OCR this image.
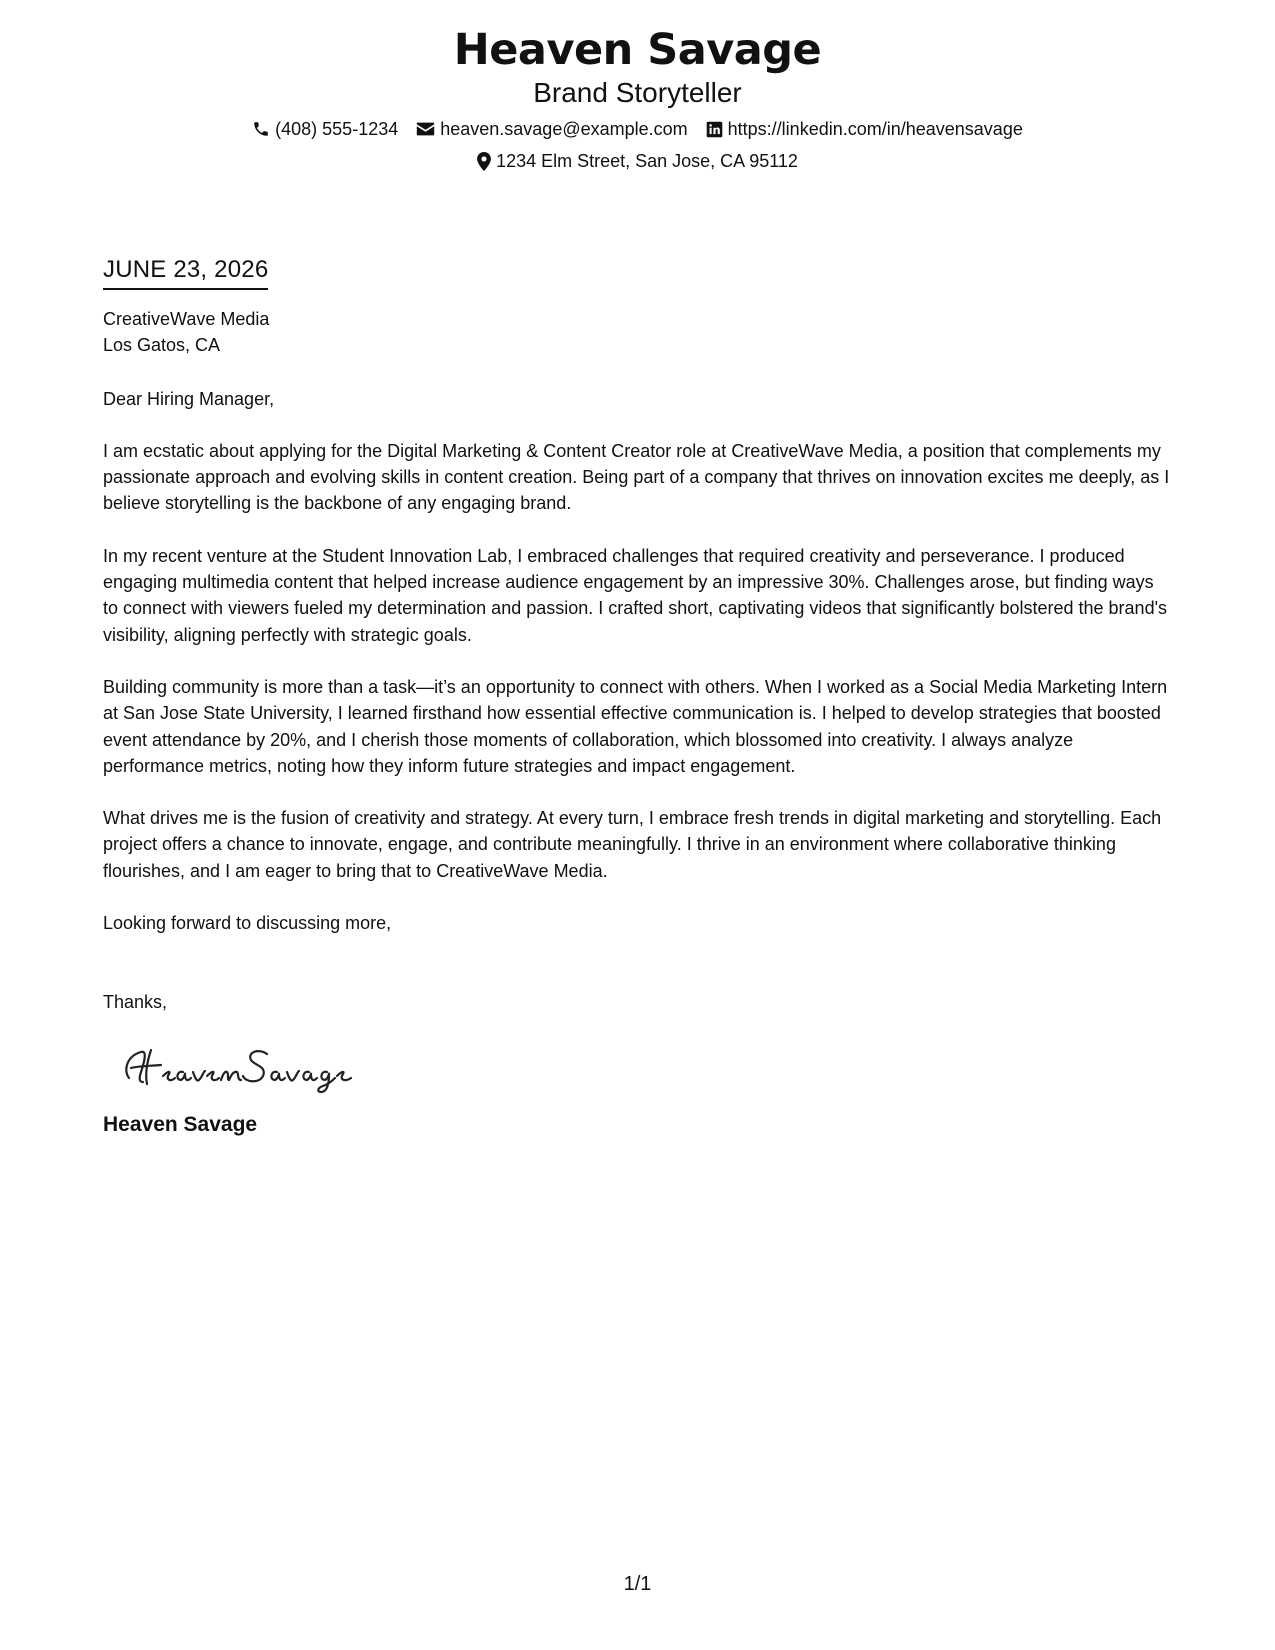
Heaven Savage
Brand Storyteller
(408) 555-1234 heaven.savage@example.com https://linkedin.com/in/heavensavage
1234 Elm Street, San Jose, CA 95112
JUNE 23, 2026
CreativeWave Media
Los Gatos, CA
Dear Hiring Manager,
I am ecstatic about applying for the Digital Marketing & Content Creator role at CreativeWave Media, a position that complements my passionate approach and evolving skills in content creation. Being part of a company that thrives on innovation excites me deeply, as I believe storytelling is the backbone of any engaging brand.
In my recent venture at the Student Innovation Lab, I embraced challenges that required creativity and perseverance. I produced engaging multimedia content that helped increase audience engagement by an impressive 30%. Challenges arose, but finding ways to connect with viewers fueled my determination and passion. I crafted short, captivating videos that significantly bolstered the brand's visibility, aligning perfectly with strategic goals.
Building community is more than a task—it’s an opportunity to connect with others. When I worked as a Social Media Marketing Intern at San Jose State University, I learned firsthand how essential effective communication is. I helped to develop strategies that boosted event attendance by 20%, and I cherish those moments of collaboration, which blossomed into creativity. I always analyze performance metrics, noting how they inform future strategies and impact engagement.
What drives me is the fusion of creativity and strategy. At every turn, I embrace fresh trends in digital marketing and storytelling. Each project offers a chance to innovate, engage, and contribute meaningfully. I thrive in an environment where collaborative thinking flourishes, and I am eager to bring that to CreativeWave Media.
Looking forward to discussing more,
Thanks,
Heaven Savage
1/1
